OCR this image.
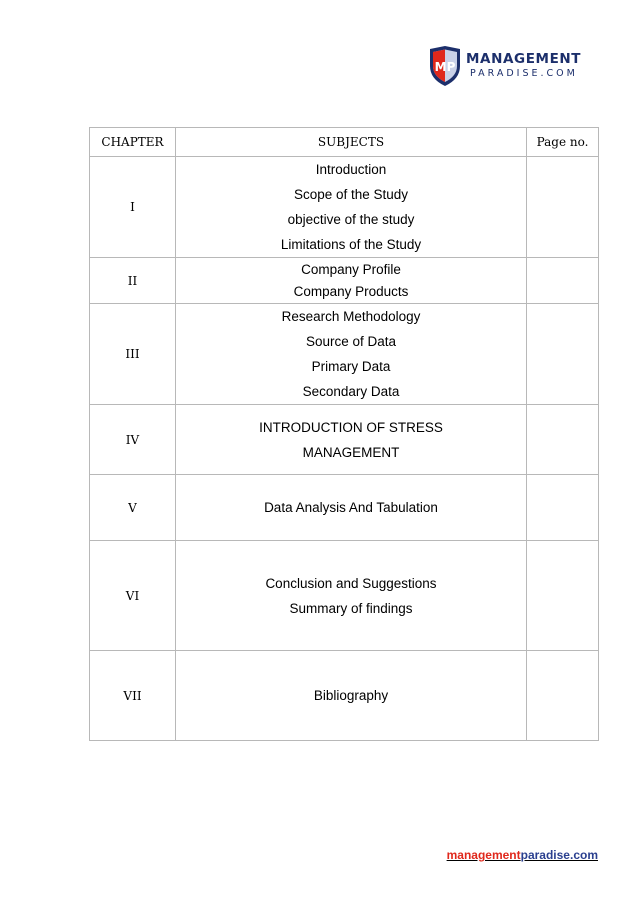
MP MANAGEMENT
PARADISE.COM
CHAPTER	SUBJECTS	Page no.
I	Introduction
Scope of the Study
objective of the study
Limitations of the Study	

II	Company Profile
Company Products	

III	Research Methodology
Source of Data
Primary Data
Secondary Data	

IV	INTRODUCTION OF STRESS
MANAGEMENT	

V	Data Analysis And Tabulation	

VI	Conclusion and Suggestions
Summary of findings	

VII	Bibliography	

managementparadise.com
